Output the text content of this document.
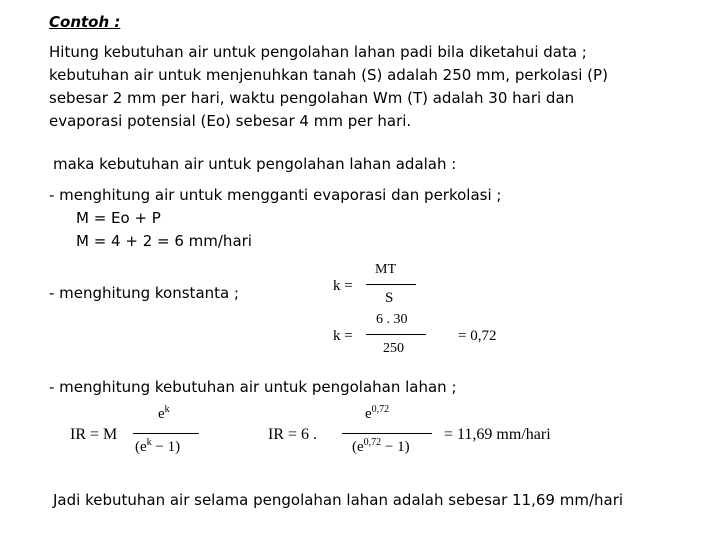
Contoh :
Hitung kebutuhan air untuk pengolahan lahan padi bila diketahui data ;
kebutuhan air untuk menjenuhkan tanah (S) adalah 250 mm, perkolasi (P)
sebesar 2 mm per hari, waktu pengolahan Wm (T) adalah 30 hari dan
evaporasi potensial (Eo) sebesar 4 mm per hari.
maka kebutuhan air untuk pengolahan lahan adalah :
- menghitung air untuk mengganti evaporasi dan perkolasi ;
M = Eo + P
M = 4 + 2 = 6 mm/hari
- menghitung konstanta ;	k =
MT
S
k =
6 . 30
250
= 0,72
- menghitung kebutuhan air untuk pengolahan lahan ;
IR = M
$e^k$
$(e^k - 1)$
IR = 6 .
$e^{0,72}$
$(e^{0,72} - 1)$
= 11,69 mm/hari
Jadi kebutuhan air selama pengolahan lahan adalah sebesar 11,69 mm/hari
